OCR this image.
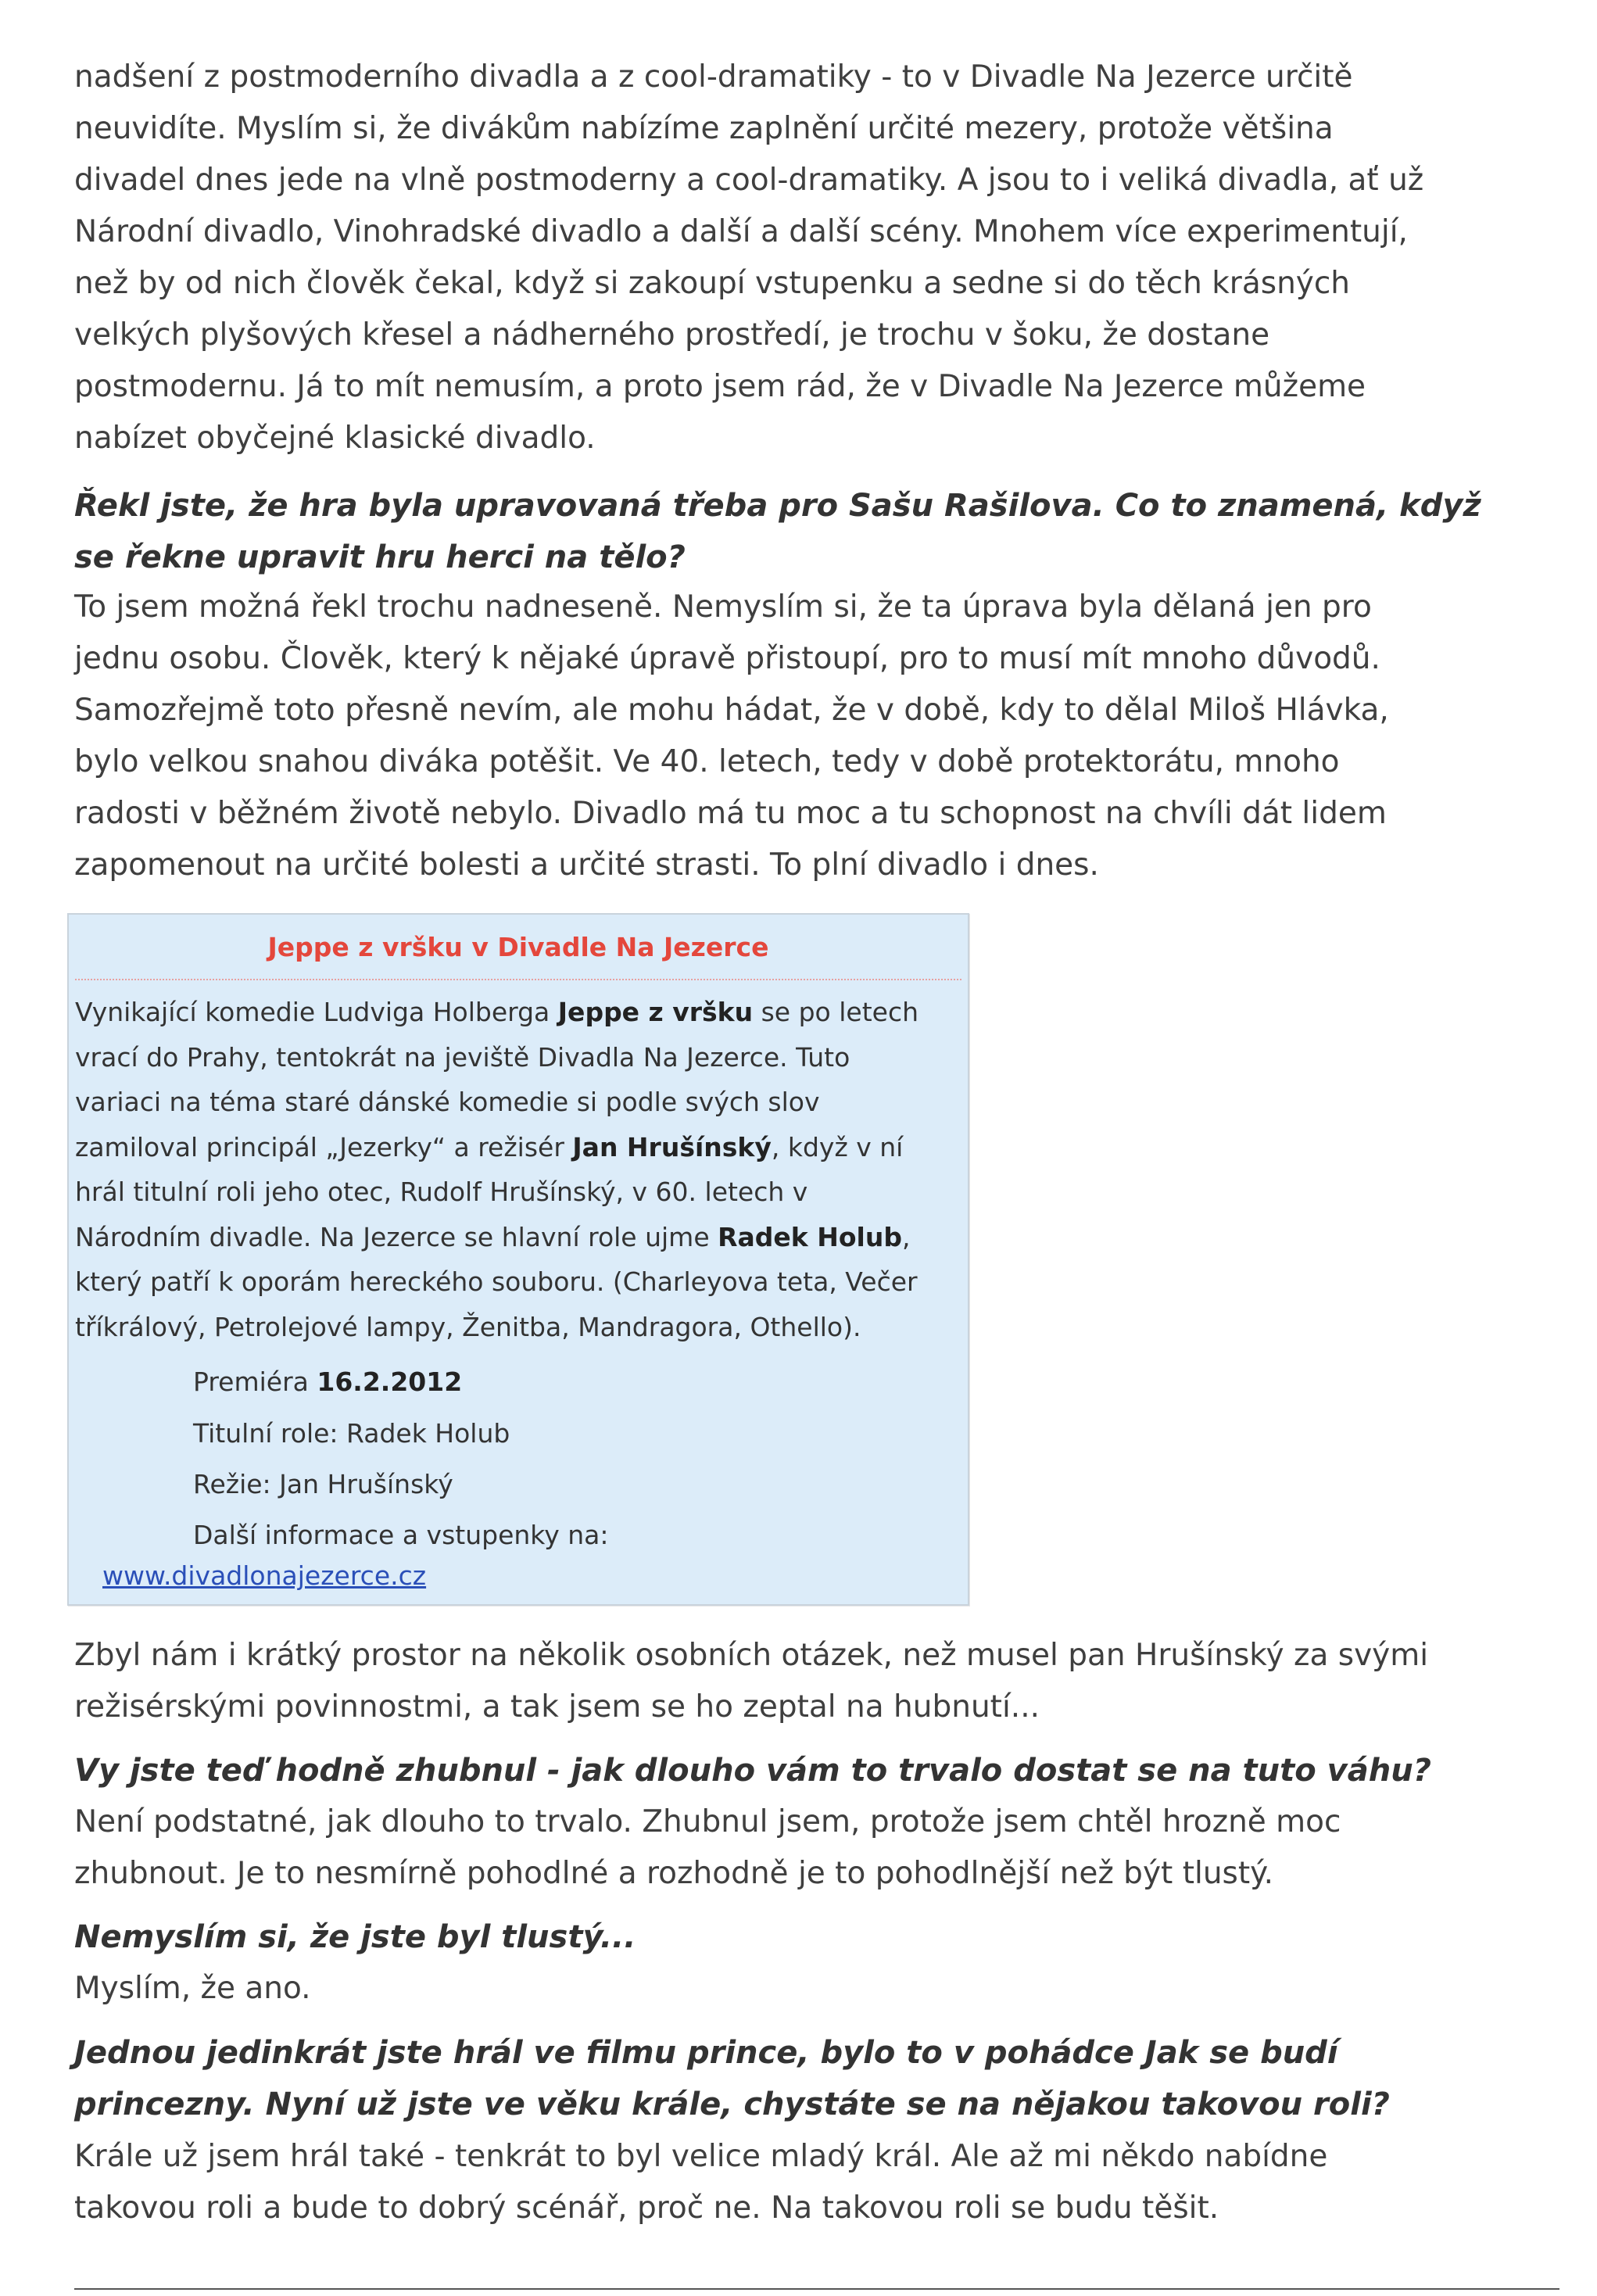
nadšení z postmoderního divadla a z cool-dramatiky - to v Divadle Na Jezerce určitě
neuvidíte. Myslím si, že divákům nabízíme zaplnění určité mezery, protože většina
divadel dnes jede na vlně postmoderny a cool-dramatiky. A jsou to i veliká divadla, ať už
Národní divadlo, Vinohradské divadlo a další a další scény. Mnohem více experimentují,
než by od nich člověk čekal, když si zakoupí vstupenku a sedne si do těch krásných
velkých plyšových křesel a nádherného prostředí, je trochu v šoku, že dostane
postmodernu. Já to mít nemusím, a proto jsem rád, že v Divadle Na Jezerce můžeme
nabízet obyčejné klasické divadlo.
Řekl jste, že hra byla upravovaná třeba pro Sašu Rašilova. Co to znamená, když
se řekne upravit hru herci na tělo?
To jsem možná řekl trochu nadneseně. Nemyslím si, že ta úprava byla dělaná jen pro
jednu osobu. Člověk, který k nějaké úpravě přistoupí, pro to musí mít mnoho důvodů.
Samozřejmě toto přesně nevím, ale mohu hádat, že v době, kdy to dělal Miloš Hlávka,
bylo velkou snahou diváka potěšit. Ve 40. letech, tedy v době protektorátu, mnoho
radosti v běžném životě nebylo. Divadlo má tu moc a tu schopnost na chvíli dát lidem
zapomenout na určité bolesti a určité strasti. To plní divadlo i dnes.
Jeppe z vršku v Divadle Na Jezerce
Vynikající komedie Ludviga Holberga Jeppe z vršku se po letech
vrací do Prahy, tentokrát na jeviště Divadla Na Jezerce. Tuto
variaci na téma staré dánské komedie si podle svých slov
zamiloval principál „Jezerky“ a režisér Jan Hrušínský, když v ní
hrál titulní roli jeho otec, Rudolf Hrušínský, v 60. letech v
Národním divadle. Na Jezerce se hlavní role ujme Radek Holub,
který patří k oporám hereckého souboru. (Charleyova teta, Večer
tříkrálový, Petrolejové lampy, Ženitba, Mandragora, Othello).
Premiéra 16.2.2012
Titulní role: Radek Holub
Režie: Jan Hrušínský
Další informace a vstupenky na:
www.divadlonajezerce.cz
Zbyl nám i krátký prostor na několik osobních otázek, než musel pan Hrušínský za svými
režisérskými povinnostmi, a tak jsem se ho zeptal na hubnutí...
Vy jste teď hodně zhubnul - jak dlouho vám to trvalo dostat se na tuto váhu?
Není podstatné, jak dlouho to trvalo. Zhubnul jsem, protože jsem chtěl hrozně moc
zhubnout. Je to nesmírně pohodlné a rozhodně je to pohodlnější než být tlustý.
Nemyslím si, že jste byl tlustý...
Myslím, že ano.
Jednou jedinkrát jste hrál ve filmu prince, bylo to v pohádce Jak se budí
princezny. Nyní už jste ve věku krále, chystáte se na nějakou takovou roli?
Krále už jsem hrál také - tenkrát to byl velice mladý král. Ale až mi někdo nabídne
takovou roli a bude to dobrý scénář, proč ne. Na takovou roli se budu těšit.
